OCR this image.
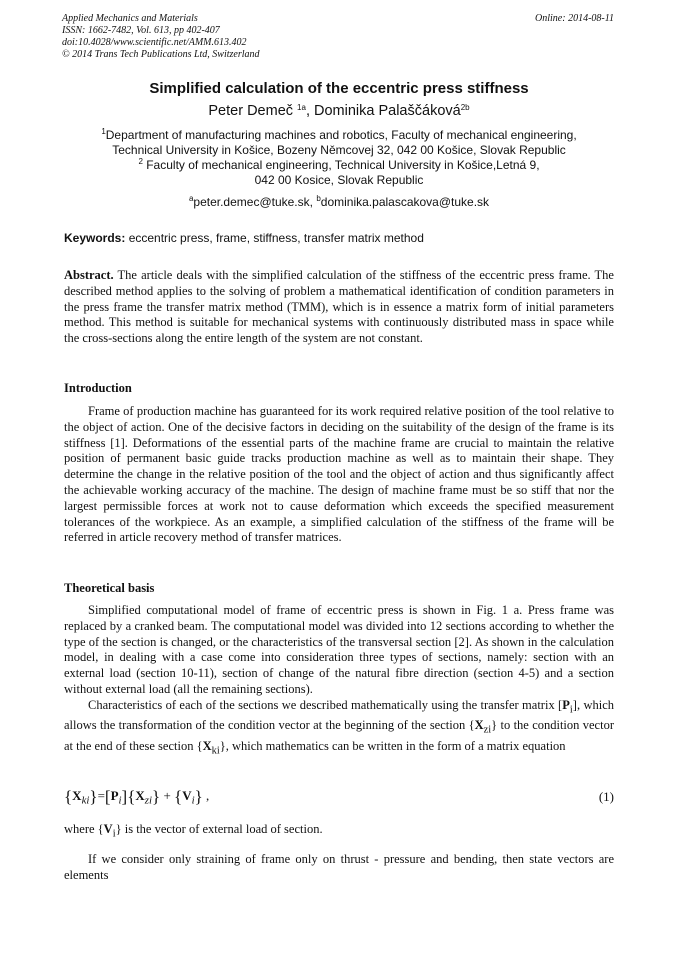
Applied Mechanics and Materials
ISSN: 1662-7482, Vol. 613, pp 402-407
doi:10.4028/www.scientific.net/AMM.613.402
© 2014 Trans Tech Publications Ltd, Switzerland
Online: 2014-08-11
Simplified calculation of the eccentric press stiffness
Peter Demeč $^{1a}$, Dominika Palaščáková$^{2b}$
$^1$Department of manufacturing machines and robotics, Faculty of mechanical engineering,
Technical University in Košice, Bozeny Němcovej 32, 042 00 Košice, Slovak Republic
$^2$ Faculty of mechanical engineering, Technical University in Košice,Letná 9,
042 00 Kosice, Slovak Republic
$^a$peter.demec@tuke.sk, $^b$dominika.palascakova@tuke.sk
Keywords: eccentric press, frame, stiffness, transfer matrix method
Abstract. The article deals with the simplified calculation of the stiffness of the eccentric press frame. The described method applies to the solving of problem a mathematical identification of condition parameters in the press frame the transfer matrix method (TMM), which is in essence a matrix form of initial parameters method. This method is suitable for mechanical systems with continuously distributed mass in space while the cross-sections along the entire length of the system are not constant.
Introduction
Frame of production machine has guaranteed for its work required relative position of the tool relative to the object of action. One of the decisive factors in deciding on the suitability of the design of the frame is its stiffness [1]. Deformations of the essential parts of the machine frame are crucial to maintain the relative position of permanent basic guide tracks production machine as well as to maintain their shape. They determine the change in the relative position of the tool and the object of action and thus significantly affect the achievable working accuracy of the machine. The design of machine frame must be so stiff that nor the largest permissible forces at work not to cause deformation which exceeds the specified measurement tolerances of the workpiece. As an example, a simplified calculation of the stiffness of the frame will be referred in article recovery method of transfer matrices.
Theoretical basis
Simplified computational model of frame of eccentric press is shown in Fig. 1 a. Press frame was replaced by a cranked beam. The computational model was divided into 12 sections according to whether the type of the section is changed, or the characteristics of the transversal section [2]. As shown in the calculation model, in dealing with a case come into consideration three types of sections, namely: section with an external load (section 10-11), section of change of the natural fibre direction (section 4-5) and a section without external load (all the remaining sections).
Characteristics of each of the sections we described mathematically using the transfer matrix $[P_i]$, which allows the transformation of the condition vector at the beginning of the section $\{X_{zi}\}$ to the condition vector at the end of these section $\{X_{ki}\}$, which mathematics can be written in the form of a matrix equation
$\{X_{ki}\}=[P_i]\{X_{zi}\} + \{V_i\}$ ,	(1)
where $\{V_i\}$ is the vector of external load of section.
If we consider only straining of frame only on thrust - pressure and bending, then state vectors are elements
